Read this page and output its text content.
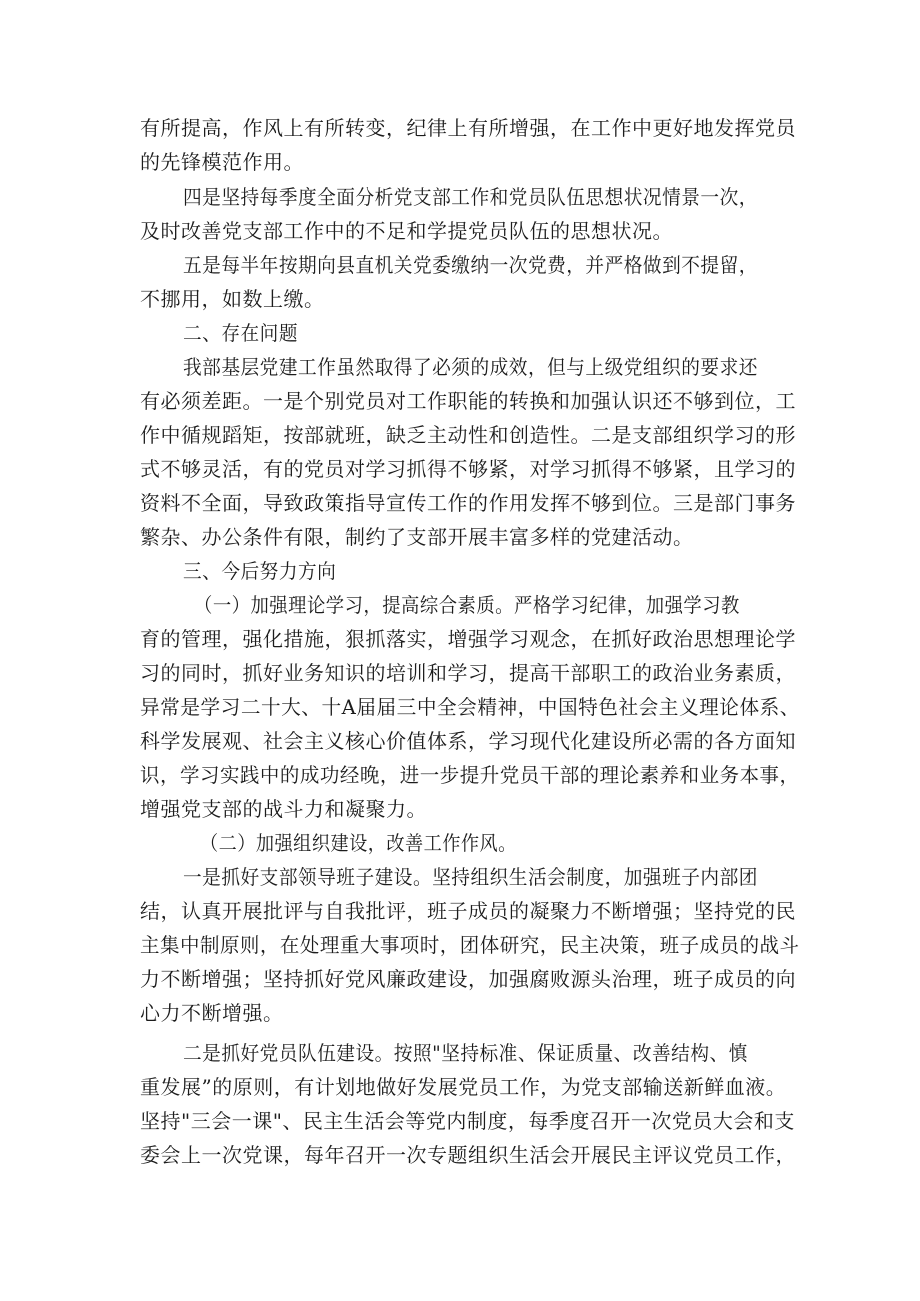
有所提高，作风上有所转变，纪律上有所增强，在工作中更好地发挥党员
的先锋模范作用。
四是坚持每季度全面分析党支部工作和党员队伍思想状况情景一次，
及时改善党支部工作中的不足和学提党员队伍的思想状况。
五是每半年按期向县直机关党委缴纳一次党费，并严格做到不提留，
不挪用，如数上缴。
二、存在问题
我部基层党建工作虽然取得了必须的成效，但与上级党组织的要求还
有必须差距。一是个别党员对工作职能的转换和加强认识还不够到位，工
作中循规蹈矩，按部就班，缺乏主动性和创造性。二是支部组织学习的形
式不够灵活，有的党员对学习抓得不够紧，对学习抓得不够紧，且学习的
资料不全面，导致政策指导宣传工作的作用发挥不够到位。三是部门事务
繁杂、办公条件有限，制约了支部开展丰富多样的党建活动。
三、今后努力方向
（一）加强理论学习，提高综合素质。严格学习纪律，加强学习教
育的管理，强化措施，狠抓落实，增强学习观念，在抓好政治思想理论学
习的同时，抓好业务知识的培训和学习，提高干部职工的政治业务素质，
异常是学习二十大、十A届届三中全会精神，中国特色社会主义理论体系、
科学发展观、社会主义核心价值体系，学习现代化建设所必需的各方面知
识，学习实践中的成功经晚，进一步提升党员干部的理论素养和业务本事，
增强党支部的战斗力和凝聚力。
（二）加强组织建设，改善工作作风。
一是抓好支部领导班子建设。坚持组织生活会制度，加强班子内部团
结，认真开展批评与自我批评，班子成员的凝聚力不断增强；坚持党的民
主集中制原则，在处理重大事项时，团体研究，民主决策，班子成员的战斗
力不断增强；坚持抓好党风廉政建设，加强腐败源头治理，班子成员的向
心力不断增强。
二是抓好党员队伍建设。按照"坚持标准、保证质量、改善结构、慎
重发展”的原则，有计划地做好发展党员工作，为党支部输送新鲜血液。
坚持"三会一课"、民主生活会等党内制度，每季度召开一次党员大会和支
委会上一次党课，每年召开一次专题组织生活会开展民主评议党员工作，
